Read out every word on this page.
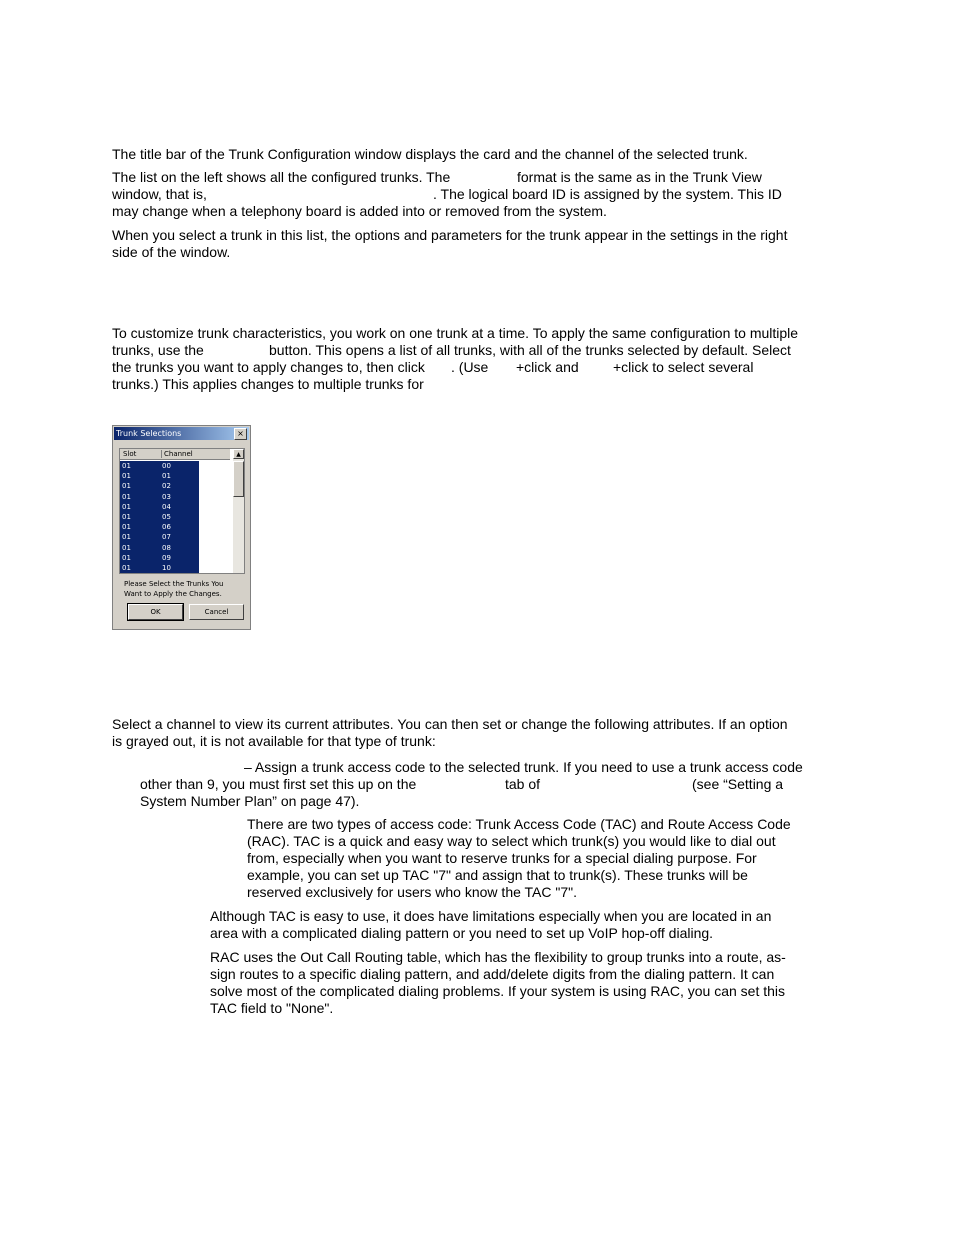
The title bar of the Trunk Configuration window displays the card and the channel of the selected trunk.
The list on the left shows all the configured trunks. The	format is the same as in the Trunk View
window, that is,	. The logical board ID is assigned by the system. This ID
may change when a telephony board is added into or removed from the system.
When you select a trunk in this list, the options and parameters for the trunk appear in the settings in the right
side of the window.
To customize trunk characteristics, you work on one trunk at a time. To apply the same configuration to multiple
trunks, use the	button. This opens a list of all trunks, with all of the trunks selected by default. Select
the trunks you want to apply changes to, then click . (Use +click and +click to select several
trunks.) This applies changes to multiple trunks for
Trunk Selections	×
Slot	Channel
01	00
01	01
01	02
01	03
01	04
01	05
01	06
01	07
01	08
01	09
01	10
▲
Please Select the Trunks You
Want to Apply the Changes.
OK	Cancel
Select a channel to view its current attributes. You can then set or change the following attributes. If an option
is grayed out, it is not available for that type of trunk:
– Assign a trunk access code to the selected trunk. If you need to use a trunk access code
other than 9, you must first set this up on the	tab of	(see “Setting a
System Number Plan” on page 47).
There are two types of access code: Trunk Access Code (TAC) and Route Access Code
(RAC). TAC is a quick and easy way to select which trunk(s) you would like to dial out
from, especially when you want to reserve trunks for a special dialing purpose. For
example, you can set up TAC "7" and assign that to trunk(s). These trunks will be
reserved exclusively for users who know the TAC "7".
Although TAC is easy to use, it does have limitations especially when you are located in an
area with a complicated dialing pattern or you need to set up VoIP hop-off dialing.
RAC uses the Out Call Routing table, which has the flexibility to group trunks into a route, as-
sign routes to a specific dialing pattern, and add/delete digits from the dialing pattern. It can
solve most of the complicated dialing problems. If your system is using RAC, you can set this
TAC field to "None".
